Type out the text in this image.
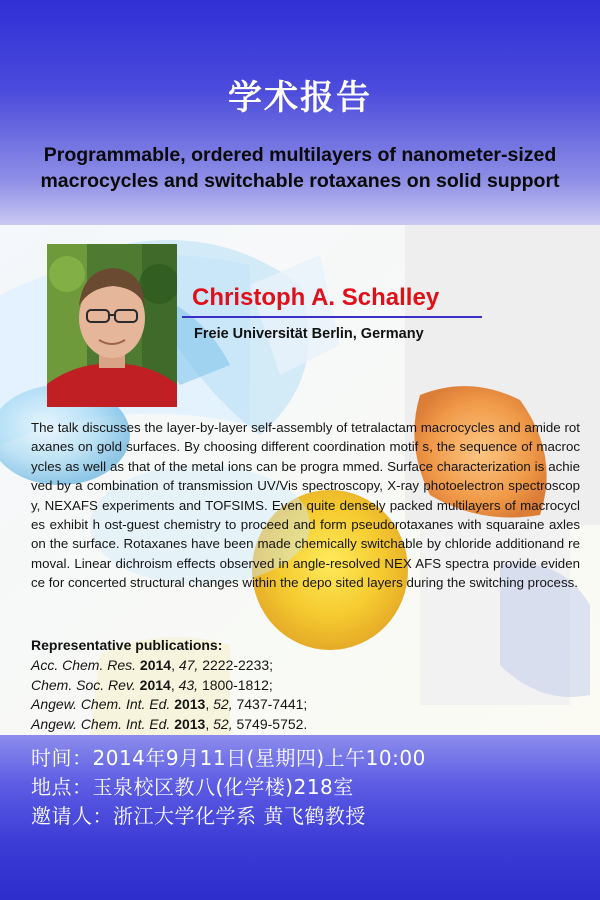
学术报告
Programmable, ordered multilayers of nanometer-sized macrocycles and switchable rotaxanes on solid support
Christoph A. Schalley
Freie Universität Berlin, Germany
The talk discusses the layer-by-layer self-assembly of tetralactam macrocycles and amide rotaxanes on gold surfaces. By choosing different coordination motif s, the sequence of macrocycles as well as that of the metal ions can be progra mmed. Surface characterization is achieved by a combination of transmission UV/Vis spectroscopy, X-ray photoelectron spectroscopy, NEXAFS experiments and TOFSIMS. Even quite densely packed multilayers of macrocycles exhibit h ost-guest chemistry to proceed and form pseudorotaxanes with squaraine axles on the surface. Rotaxanes have been made chemically switchable by chloride additionand removal. Linear dichroism effects observed in angle-resolved NEX AFS spectra provide evidence for concerted structural changes within the depo sited layers during the switching process.
Representative publications:
Acc. Chem. Res. 2014, 47, 2222-2233;
Chem. Soc. Rev. 2014, 43, 1800-1812;
Angew. Chem. Int. Ed. 2013, 52, 7437-7441;
Angew. Chem. Int. Ed. 2013, 52, 5749-5752.
时间：2014年9月11日(星期四)上午10:00
地点：玉泉校区教八(化学楼)218室
邀请人：浙江大学化学系 黄飞鹤教授
